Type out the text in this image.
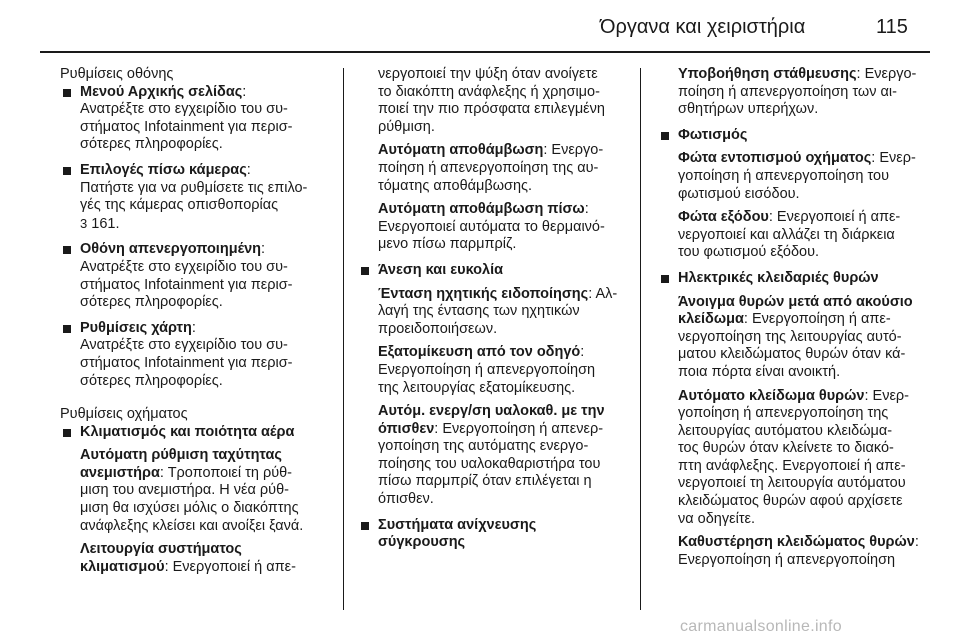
Όργανα και χειριστήρια	115

Ρυθμίσεις οθόνης

Μενού Αρχικής σελίδας:

Ανατρέξτε στο εγχειρίδιο του συ‐

στήματος Infotainment για περισ‐

σότερες πληροφορίες.

Επιλογές πίσω κάμερας:

Πατήστε για να ρυθμίσετε τις επιλο‐

γές της κάμερας οπισθοπορίας

3 161.

Οθόνη απενεργοποιημένη:

Ανατρέξτε στο εγχειρίδιο του συ‐

στήματος Infotainment για περισ‐

σότερες πληροφορίες.

Ρυθμίσεις χάρτη:

Ανατρέξτε στο εγχειρίδιο του συ‐

στήματος Infotainment για περισ‐

σότερες πληροφορίες.

Ρυθμίσεις οχήματος

Κλιματισμός και ποιότητα αέρα

Αυτόματη ρύθμιση ταχύτητας

ανεμιστήρα: Τροποποιεί τη ρύθ‐

μιση του ανεμιστήρα. Η νέα ρύθ‐

μιση θα ισχύσει μόλις ο διακόπτης

ανάφλεξης κλείσει και ανοίξει ξανά.

Λειτουργία συστήματος

κλιματισμού: Ενεργοποιεί ή απε‐

νεργοποιεί την ψύξη όταν ανοίγετε

το διακόπτη ανάφλεξης ή χρησιμο‐

ποιεί την πιο πρόσφατα επιλεγμένη

ρύθμιση.

Αυτόματη αποθάμβωση: Ενεργο‐

ποίηση ή απενεργοποίηση της αυ‐

τόματης αποθάμβωσης.

Αυτόματη αποθάμβωση πίσω:

Ενεργοποιεί αυτόματα το θερμαινό‐

μενο πίσω παρμπρίζ.

Άνεση και ευκολία

Ένταση ηχητικής ειδοποίησης: Αλ‐

λαγή της έντασης των ηχητικών

προειδοποιήσεων.

Εξατομίκευση από τον οδηγό:

Ενεργοποίηση ή απενεργοποίηση

της λειτουργίας εξατομίκευσης.

Αυτόμ. ενεργ/ση υαλοκαθ. με την

όπισθεν: Ενεργοποίηση ή απενερ‐

γοποίηση της αυτόματης ενεργο‐

ποίησης του υαλοκαθαριστήρα του

πίσω παρμπρίζ όταν επιλέγεται η

όπισθεν.

Συστήματα ανίχνευσης

σύγκρουσης

Υποβοήθηση στάθμευσης: Ενεργο‐

ποίηση ή απενεργοποίηση των αι‐

σθητήρων υπερήχων.

Φωτισμός

Φώτα εντοπισμού οχήματος: Ενερ‐

γοποίηση ή απενεργοποίηση του

φωτισμού εισόδου.

Φώτα εξόδου: Ενεργοποιεί ή απε‐

νεργοποιεί και αλλάζει τη διάρκεια

του φωτισμού εξόδου.

Ηλεκτρικές κλειδαριές θυρών

Άνοιγμα θυρών μετά από ακούσιο

κλείδωμα: Ενεργοποίηση ή απε‐

νεργοποίηση της λειτουργίας αυτό‐

ματου κλειδώματος θυρών όταν κά‐

ποια πόρτα είναι ανοικτή.

Αυτόματο κλείδωμα θυρών: Ενερ‐

γοποίηση ή απενεργοποίηση της

λειτουργίας αυτόματου κλειδώμα‐

τος θυρών όταν κλείνετε το διακό‐

πτη ανάφλεξης. Ενεργοποιεί ή απε‐

νεργοποιεί τη λειτουργία αυτόματου

κλειδώματος θυρών αφού αρχίσετε

να οδηγείτε.

Καθυστέρηση κλειδώματος θυρών:

Ενεργοποίηση ή απενεργοποίηση

carmanualsonline.info
